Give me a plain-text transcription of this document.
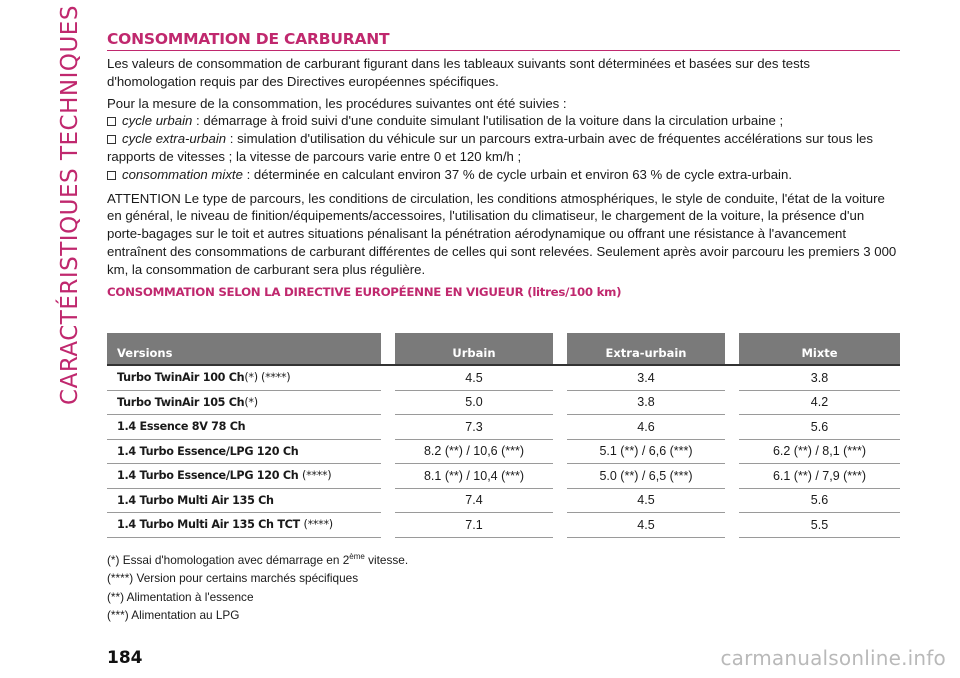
CARACTÉRISTIQUES TECHNIQUES CONSOMMATION DE CARBURANT

Les valeurs de consommation de carburant figurant dans les tableaux suivants sont déterminées et basées sur des tests d'homologation requis par des Directives européennes spécifiques.

Pour la mesure de la consommation, les procédures suivantes ont été suivies :

cycle urbain : démarrage à froid suivi d'une conduite simulant l'utilisation de la voiture dans la circulation urbaine ;
cycle extra-urbain : simulation d'utilisation du véhicule sur un parcours extra-urbain avec de fréquentes accélérations sur tous les rapports de vitesses ; la vitesse de parcours varie entre 0 et 120 km/h ;
consommation mixte : déterminée en calculant environ 37 % de cycle urbain et environ 63 % de cycle extra-urbain.

ATTENTION Le type de parcours, les conditions de circulation, les conditions atmosphériques, le style de conduite, l'état de la voiture en général, le niveau de finition/équipements/accessoires, l'utilisation du climatiseur, le chargement de la voiture, la présence d'un porte-bagages sur le toit et autres situations pénalisant la pénétration aérodynamique ou offrant une résistance à l'avancement entraînent des consommations de carburant différentes de celles qui sont relevées. Seulement après avoir parcouru les premiers 3 000 km, la consommation de carburant sera plus régulière.

CONSOMMATION SELON LA DIRECTIVE EUROPÉENNE EN VIGUEUR (litres/100 km)
Versions		Urbain		Extra-urbain		Mixte
Turbo TwinAir 100 Ch(*) (****)		4.5		3.4		3.8
Turbo TwinAir 105 Ch(*)		5.0		3.8		4.2
1.4 Essence 8V 78 Ch		7.3		4.6		5.6
1.4 Turbo Essence/LPG 120 Ch		8.2 (**) / 10,6 (***)		5.1 (**) / 6,6 (***)		6.2 (**) / 8,1 (***)
1.4 Turbo Essence/LPG 120 Ch (****)		8.1 (**) / 10,4 (***)		5.0 (**) / 6,5 (***)		6.1 (**) / 7,9 (***)
1.4 Turbo Multi Air 135 Ch		7.4		4.5		5.6
1.4 Turbo Multi Air 135 Ch TCT (****)		7.1		4.5		5.5
(*) Essai d'homologation avec démarrage en 2ème vitesse.
(****) Version pour certains marchés spécifiques
(**) Alimentation à l'essence
(***) Alimentation au LPG
184	carmanualsonline.info
